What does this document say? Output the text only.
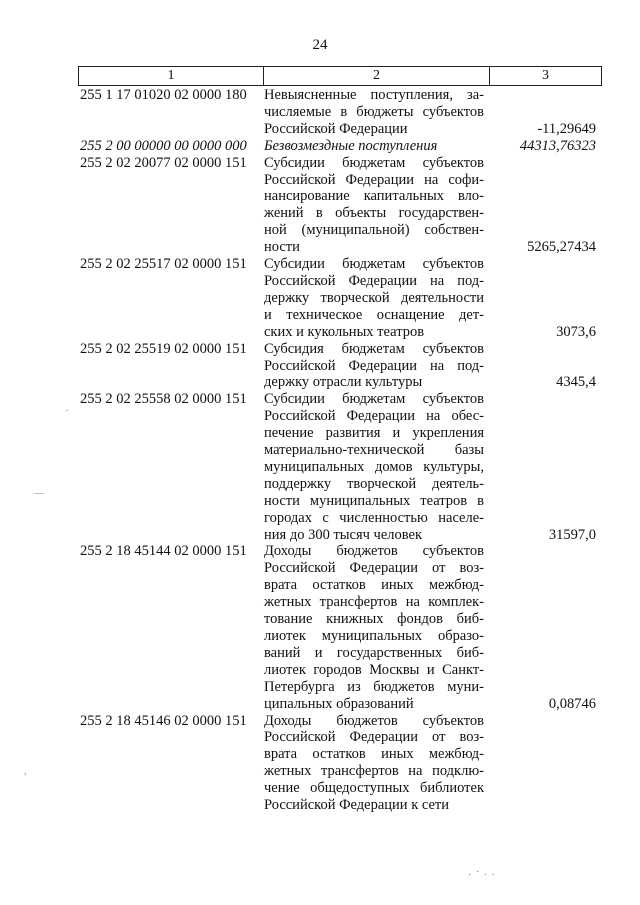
24
1	2	3
255 1 17 01020 02 0000 180	Невыясненные поступления, за-
числяемые в бюджеты субъектов
Российской Федерации	-11,29649
255 2 00 00000 00 0000 000	Безвозмездные поступления	44313,76323
255 2 02 20077 02 0000 151	Субсидии бюджетам субъектов
Российской Федерации на софи-
нансирование капитальных вло-
жений в объекты государствен-
ной (муниципальной) собствен-
ности	5265,27434
255 2 02 25517 02 0000 151	Субсидии бюджетам субъектов
Российской Федерации на под-
держку творческой деятельности
и техническое оснащение дет-
ских и кукольных театров	3073,6
255 2 02 25519 02 0000 151	Субсидия бюджетам субъектов
Российской Федерации на под-
держку отрасли культуры	4345,4
255 2 02 25558 02 0000 151	Субсидии бюджетам субъектов
Российской Федерации на обес-
печение развития и укрепления
материально-технической базы
муниципальных домов культуры,
поддержку творческой деятель-
ности муниципальных театров в
городах с численностью населе-
ния до 300 тысяч человек	31597,0
255 2 18 45144 02 0000 151	Доходы бюджетов субъектов
Российской Федерации от воз-
врата остатков иных межбюд-
жетных трансфертов на комплек-
тование книжных фондов биб-
лиотек муниципальных образо-
ваний и государственных биб-
лиотек городов Москвы и Санкт-
Петербурга из бюджетов муни-
ципальных образований	0,08746
255 2 18 45146 02 0000 151	Доходы бюджетов субъектов
Российской Федерации от воз-
врата остатков иных межбюд-
жетных трансфертов на подклю-
чение общедоступных библиотек
Российской Федерации к сети
· ˙ · ·
—
.
,
